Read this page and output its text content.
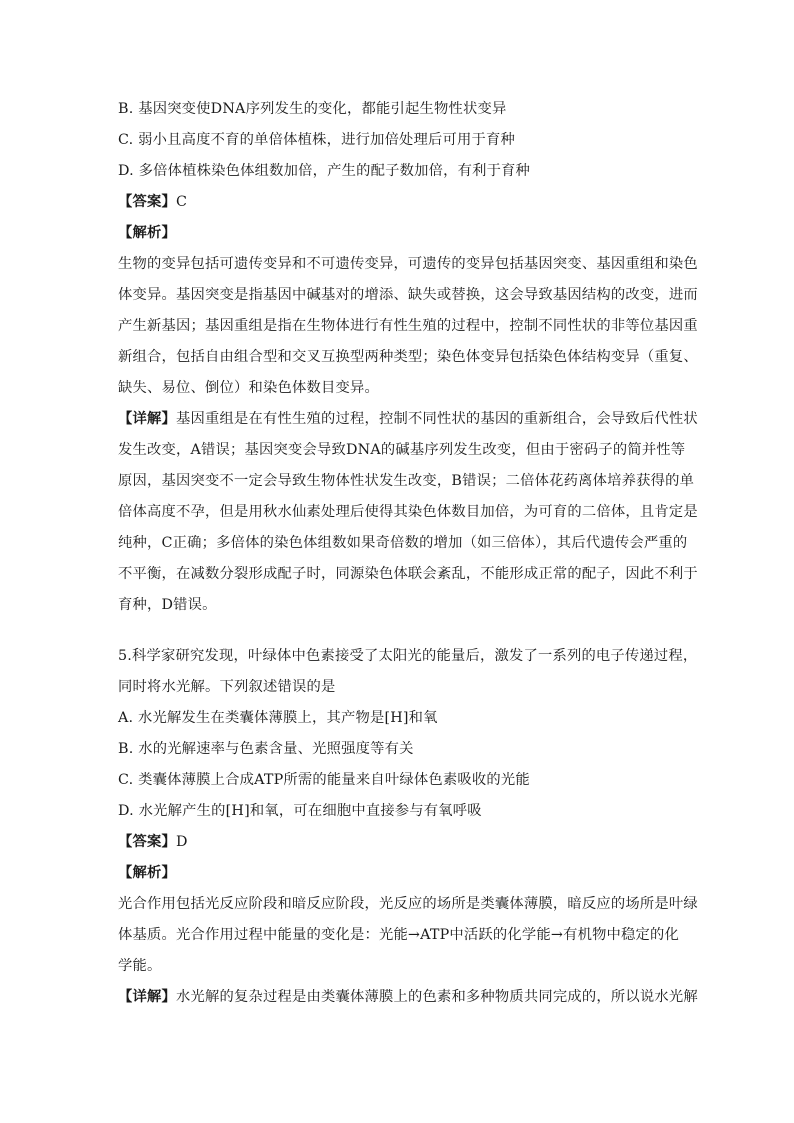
B. 基因突变使DNA序列发生的变化，都能引起生物性状变异

C. 弱小且高度不育的单倍体植株，进行加倍处理后可用于育种

D. 多倍体植株染色体组数加倍，产生的配子数加倍，有利于育种

【答案】C

【解析】

生物的变异包括可遗传变异和不可遗传变异，可遗传的变异包括基因突变、基因重组和染色

体变异。基因突变是指基因中碱基对的增添、缺失或替换，这会导致基因结构的改变，进而

产生新基因；基因重组是指在生物体进行有性生殖的过程中，控制不同性状的非等位基因重

新组合，包括自由组合型和交叉互换型两种类型；染色体变异包括染色体结构变异（重复、

缺失、易位、倒位）和染色体数目变异。

【详解】基因重组是在有性生殖的过程，控制不同性状的基因的重新组合，会导致后代性状

发生改变，A错误；基因突变会导致DNA的碱基序列发生改变，但由于密码子的简并性等

原因，基因突变不一定会导致生物体性状发生改变，B错误；二倍体花药离体培养获得的单

倍体高度不孕，但是用秋水仙素处理后使得其染色体数目加倍，为可育的二倍体，且肯定是

纯种，C正确；多倍体的染色体组数如果奇倍数的增加（如三倍体），其后代遗传会严重的

不平衡，在减数分裂形成配子时，同源染色体联会紊乱，不能形成正常的配子，因此不利于

育种，D错误。

5.科学家研究发现，叶绿体中色素接受了太阳光的能量后，激发了一系列的电子传递过程，

同时将水光解。下列叙述错误的是

A. 水光解发生在类囊体薄膜上，其产物是[H]和氧

B. 水的光解速率与色素含量、光照强度等有关

C. 类囊体薄膜上合成ATP所需的能量来自叶绿体色素吸收的光能

D. 水光解产生的[H]和氧，可在细胞中直接参与有氧呼吸

【答案】D

【解析】

光合作用包括光反应阶段和暗反应阶段，光反应的场所是类囊体薄膜，暗反应的场所是叶绿

体基质。光合作用过程中能量的变化是：光能→ATP中活跃的化学能→有机物中稳定的化

学能。

【详解】水光解的复杂过程是由类囊体薄膜上的色素和多种物质共同完成的，所以说水光解
